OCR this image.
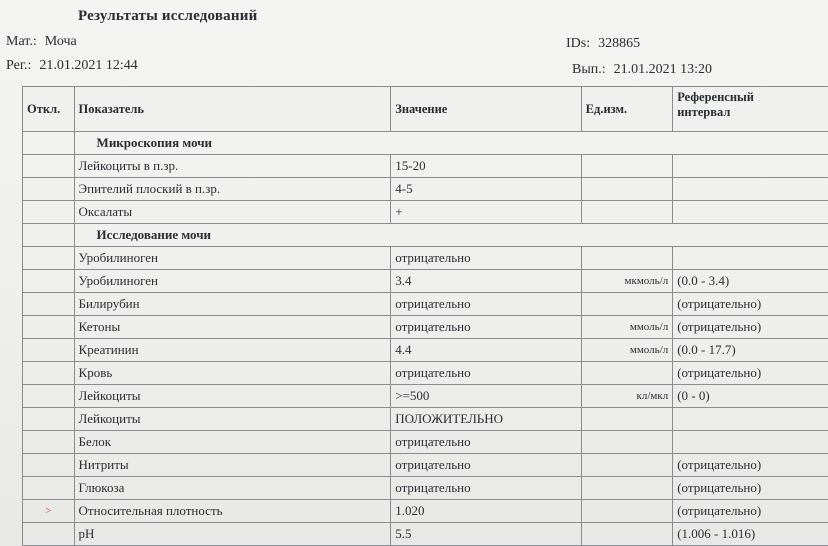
Результаты исследований
Мат.: Моча
Рег.: 21.01.2021 12:44
IDs: 328865
Вып.: 21.01.2021 13:20
Откл.	Показатель	Значение	Ед.изм.	Референсный
интервал

	Микроскопия мочи			
	Лейкоциты в п.зр.	15-20		
	Эпителий плоский в п.зр.	4-5		
	Оксалаты	+		
	Исследование мочи			
	Уробилиноген	отрицательно		
	Уробилиноген	3.4	мкмоль/л	(0.0 - 3.4)
	Билирубин	отрицательно		(отрицательно)
	Кетоны	отрицательно	ммоль/л	(отрицательно)
	Креатинин	4.4	ммоль/л	(0.0 - 17.7)
	Кровь	отрицательно		(отрицательно)
	Лейкоциты	>=500	кл/мкл	(0 - 0)
	Лейкоциты	ПОЛОЖИТЕЛЬНО		
	Белок	отрицательно		
	Нитриты	отрицательно		(отрицательно)
	Глюкоза	отрицательно		(отрицательно)
>	Относительная плотность	1.020		(отрицательно)
	pH	5.5		(1.006 - 1.016)
